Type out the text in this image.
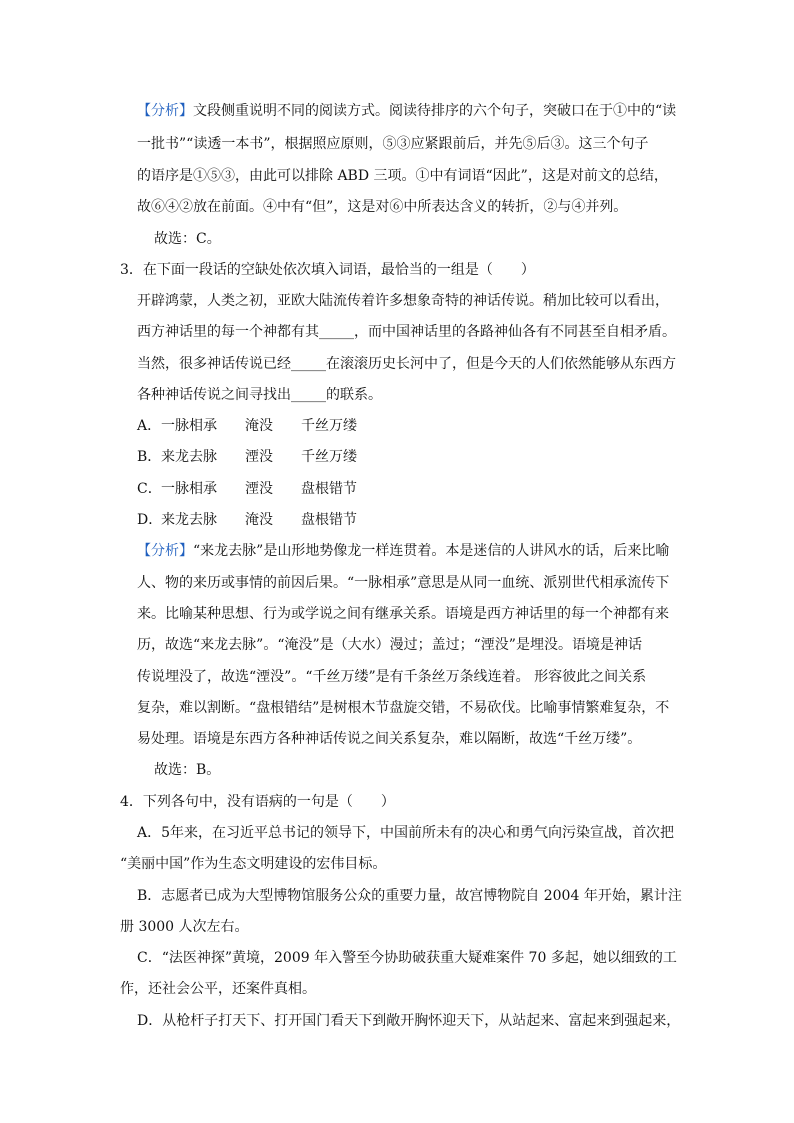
【分析】文段侧重说明不同的阅读方式。阅读待排序的六个句子，突破口在于①中的“读
一批书”“读透一本书”，根据照应原则，⑤③应紧跟前后，并先⑤后③。这三个句子
的语序是①⑤③，由此可以排除 ABD 三项。①中有词语“因此”，这是对前文的总结，
故⑥④②放在前面。④中有“但”，这是对⑥中所表达含义的转折，②与④并列。
故选：C。
3．在下面一段话的空缺处依次填入词语，最恰当的一组是（　　）
开辟鸿蒙，人类之初，亚欧大陆流传着许多想象奇特的神话传说。稍加比较可以看出，
西方神话里的每一个神都有其_____，而中国神话里的各路神仙各有不同甚至自相矛盾。
当然，很多神话传说已经_____在滚滚历史长河中了，但是今天的人们依然能够从东西方
各种神话传说之间寻找出_____的联系。
A．一脉相承 淹没 千丝万缕
B．来龙去脉 湮没 千丝万缕
C．一脉相承 湮没 盘根错节
D．来龙去脉 淹没 盘根错节
【分析】“来龙去脉”是山形地势像龙一样连贯着。本是迷信的人讲风水的话，后来比喻
人、物的来历或事情的前因后果。“一脉相承”意思是从同一血统、派别世代相承流传下
来。比喻某种思想、行为或学说之间有继承关系。语境是西方神话里的每一个神都有来
历，故选“来龙去脉”。“淹没”是（大水）漫过；盖过；“湮没”是埋没。语境是神话
传说埋没了，故选“湮没”。“千丝万缕”是有千条丝万条线连着。 形容彼此之间关系
复杂，难以割断。“盘根错结”是树根木节盘旋交错，不易砍伐。比喻事情繁难复杂，不
易处理。语境是东西方各种神话传说之间关系复杂，难以隔断，故选“千丝万缕”。
故选：B。
4．下列各句中，没有语病的一句是（　　）
A．5年来，在习近平总书记的领导下，中国前所未有的决心和勇气向污染宣战，首次把
“美丽中国”作为生态文明建设的宏伟目标。
B．志愿者已成为大型博物馆服务公众的重要力量，故宫博物院自 2004 年开始，累计注
册 3000 人次左右。
C．“法医神探”黄境，2009 年入警至今协助破获重大疑难案件 70 多起，她以细致的工
作，还社会公平，还案件真相。
D．从枪杆子打天下、打开国门看天下到敞开胸怀迎天下，从站起来、富起来到强起来，
